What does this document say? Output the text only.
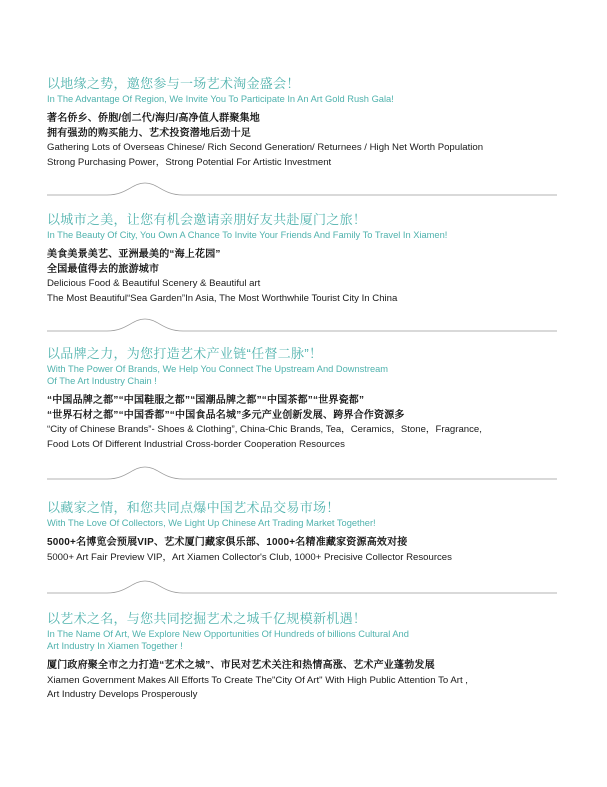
以地缘之势，邀您参与一场艺术淘金盛会！
In The Advantage Of Region, We Invite You To Participate In An Art Gold Rush Gala!
著名侨乡、侨胞/创二代/海归/高净值人群聚集地
拥有强劲的购买能力、艺术投资潜地后劲十足
Gathering Lots of Overseas Chinese/ Rich Second Generation/ Returnees / High Net Worth Population
Strong Purchasing Power，Strong Potential For Artistic Investment
以城市之美，让您有机会邀请亲朋好友共赴厦门之旅！
In The Beauty Of City, You Own A Chance To Invite Your Friends And Family To Travel In Xiamen!
美食美景美艺、亚洲最美的“海上花园”
全国最值得去的旅游城市
Delicious Food & Beautiful Scenery & Beautiful art
The Most Beautiful“Sea Garden”In Asia, The Most Worthwhile Tourist City In China
以品牌之力，为您打造艺术产业链“任督二脉”！
With The Power Of Brands, We Help You Connect The Upstream And Downstream
Of The Art Industry Chain !
“中国品牌之都”“中国鞋服之都”“国潮品牌之都”“中国茶都”“世界瓷都”
“世界石材之都”“中国香都”“中国食品名城”多元产业创新发展、跨界合作资源多
“City of Chinese Brands”- Shoes & Clothing”, China-Chic Brands, Tea，Ceramics，Stone，Fragrance,
Food Lots Of Different Industrial Cross-border Cooperation Resources
以藏家之情，和您共同点爆中国艺术品交易市场！
With The Love Of Collectors, We Light Up Chinese Art Trading Market Together!
5000+名博览会预展VIP、艺术厦门藏家俱乐部、1000+名精准藏家资源高效对接
5000+ Art Fair Preview VIP，Art Xiamen Collector's Club, 1000+ Precisive Collector Resources
以艺术之名，与您共同挖掘艺术之城千亿规模新机遇！
In The Name Of Art, We Explore New Opportunities Of Hundreds of billions Cultural And
Art Industry In Xiamen Together !
厦门政府聚全市之力打造“艺术之城”、市民对艺术关注和热情高涨、艺术产业蓬勃发展
Xiamen Government Makes All Efforts To Create The"City Of Art" With High Public Attention To Art ,
Art Industry Develops Prosperously
